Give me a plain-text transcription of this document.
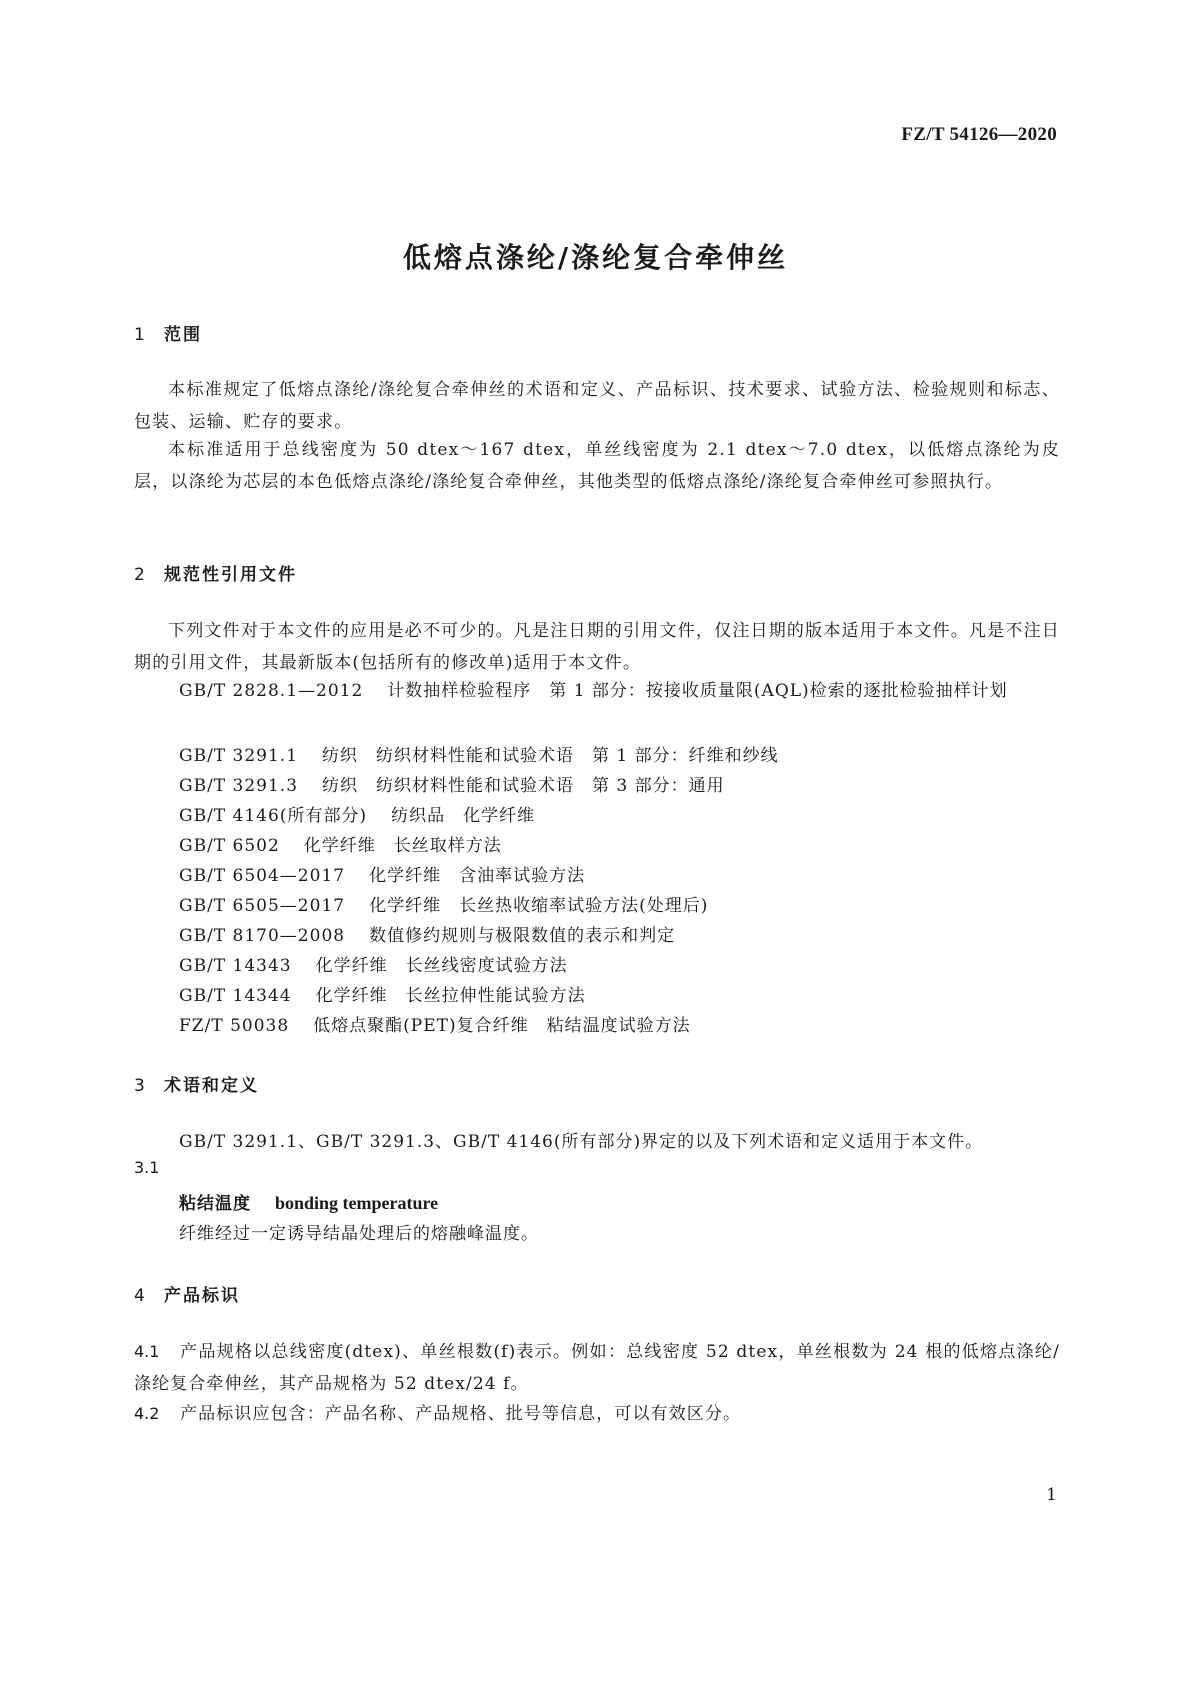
FZ/T 54126—2020
低熔点涤纶/涤纶复合牵伸丝
1 范围
本标准规定了低熔点涤纶/涤纶复合牵伸丝的术语和定义、产品标识、技术要求、试验方法、检验规则和标志、包装、运输、贮存的要求。
本标准适用于总线密度为 50 dtex～167 dtex，单丝线密度为 2.1 dtex～7.0 dtex，以低熔点涤纶为皮层，以涤纶为芯层的本色低熔点涤纶/涤纶复合牵伸丝，其他类型的低熔点涤纶/涤纶复合牵伸丝可参照执行。
2 规范性引用文件
下列文件对于本文件的应用是必不可少的。凡是注日期的引用文件，仅注日期的版本适用于本文件。凡是不注日期的引用文件，其最新版本(包括所有的修改单)适用于本文件。
GB/T 2828.1—2012 计数抽样检验程序　第 1 部分：按接收质量限(AQL)检索的逐批检验抽样计划
GB/T 3291.1 纺织　纺织材料性能和试验术语　第 1 部分：纤维和纱线
GB/T 3291.3 纺织　纺织材料性能和试验术语　第 3 部分：通用
GB/T 4146(所有部分) 纺织品　化学纤维
GB/T 6502 化学纤维　长丝取样方法
GB/T 6504—2017 化学纤维　含油率试验方法
GB/T 6505—2017 化学纤维　长丝热收缩率试验方法(处理后)
GB/T 8170—2008 数值修约规则与极限数值的表示和判定
GB/T 14343 化学纤维　长丝线密度试验方法
GB/T 14344 化学纤维　长丝拉伸性能试验方法
FZ/T 50038 低熔点聚酯(PET)复合纤维　粘结温度试验方法
3 术语和定义
GB/T 3291.1、GB/T 3291.3、GB/T 4146(所有部分)界定的以及下列术语和定义适用于本文件。
3.1
粘结温度 bonding temperature
纤维经过一定诱导结晶处理后的熔融峰温度。
4 产品标识
4.1 产品规格以总线密度(dtex)、单丝根数(f)表示。例如：总线密度 52 dtex，单丝根数为 24 根的低熔点涤纶/涤纶复合牵伸丝，其产品规格为 52 dtex/24 f。
4.2 产品标识应包含：产品名称、产品规格、批号等信息，可以有效区分。
1
